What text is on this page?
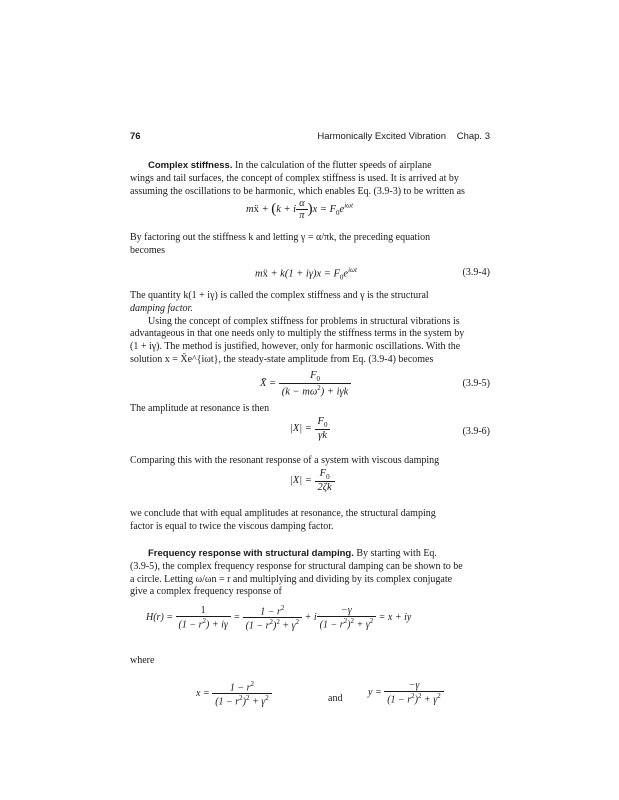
76	Harmonically Excited Vibration Chap. 3
Complex stiffness. In the calculation of the flutter speeds of airplane
wings and tail surfaces, the concept of complex stiffness is used. It is arrived at by
assuming the oscillations to be harmonic, which enables Eq. (3.9-3) to be written as
mẍ + (k + i $\frac{\alpha}{\pi} )x = F_0e^{i\omega t}$
By factoring out the stiffness k and letting γ = α/πk, the preceding equation
becomes
mẍ + $k(1 + i\gamma)x = F_0e^{i\omega t}$	(3.9-4)
The quantity k(1 + iγ) is called the complex stiffness and γ is the structural
damping factor.
Using the concept of complex stiffness for problems in structural vibrations is
advantageous in that one needs only to multiply the stiffness terms in the system by
(1 + iγ). The method is justified, however, only for harmonic oscillations. With the
solution x = X̄e^{iωt}, the steady-state amplitude from Eq. (3.9-4) becomes
X̄ = $\frac{F_0}{(k - m\omega^2) + i\gamma k}$	(3.9-5)
The amplitude at resonance is then
$|X| = \frac{F_0}{\gamma k}$	(3.9-6)
Comparing this with the resonant response of a system with viscous damping
$|X| = \frac{F_0}{2\zeta k}$
we conclude that with equal amplitudes at resonance, the structural damping
factor is equal to twice the viscous damping factor.
Frequency response with structural damping. By starting with Eq.
(3.9-5), the complex frequency response for structural damping can be shown to be
a circle. Letting ω/ωn = r and multiplying and dividing by its complex conjugate
give a complex frequency response of
$H(r) = \frac{1}{(1 - r^2) + i\gamma} = \frac{1 - r^2}{(1 - r^2)^2 + \gamma^2} + i \frac{-\gamma}{(1 - r^2)^2 + \gamma^2} = x$ + iy
where
$x = \frac{1 - r^2}{(1 - r^2)^2 + \gamma^2}$	and
$y = \frac{-\gamma}{(1 - r^2)^2 + \gamma^2}$
